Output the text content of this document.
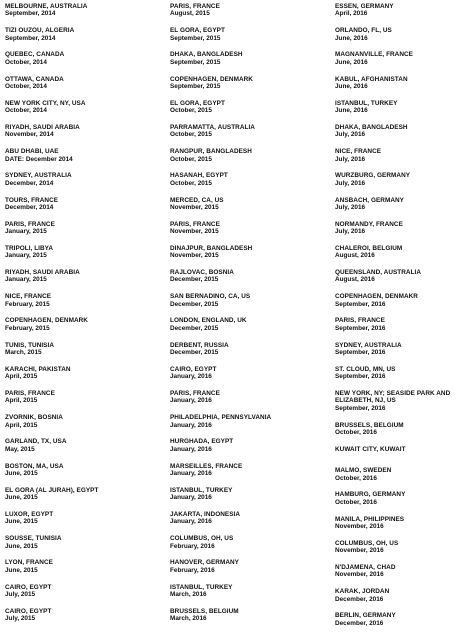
MELBOURNE, AUSTRALIA
September, 2014
TIZI OUZOU, ALGERIA
September, 2014
QUEBEC, CANADA
October, 2014
OTTAWA, CANADA
October, 2014
NEW YORK CITY, NY, USA
October, 2014
RIYADH, SAUDI ARABIA
November, 2014
ABU DHABI, UAE
DATE: December 2014
SYDNEY, AUSTRALIA
December, 2014
TOURS, FRANCE
December, 2014
PARIS, FRANCE
January, 2015
TRIPOLI, LIBYA
January, 2015
RIYADH, SAUDI ARABIA
January, 2015
NICE, FRANCE
February, 2015
COPENHAGEN, DENMARK
February, 2015
TUNIS, TUNISIA
March, 2015
KARACHI, PAKISTAN
April, 2015
PARIS, FRANCE
April, 2015
ZVORNIK, BOSNIA
April, 2015
GARLAND, TX, USA
May, 2015
BOSTON, MA, USA
June, 2015
EL GORA (AL JURAH), EGYPT
June, 2015
LUXOR, EGYPT
June, 2015
SOUSSE, TUNISIA
June, 2015
LYON, FRANCE
June, 2015
CAIRO, EGYPT
July, 2015
CAIRO, EGYPT
July, 2015
PARIS, FRANCE
August, 2015
EL GORA, EGYPT
September, 2015
DHAKA, BANGLADESH
September, 2015
COPENHAGEN, DENMARK
September, 2015
EL GORA, EGYPT
October, 2015
PARRAMATTA, AUSTRALIA
October, 2015
RANGPUR, BANGLADESH
October, 2015
HASANAH, EGYPT
October, 2015
MERCED, CA, US
November, 2015
PARIS, FRANCE
November, 2015
DINAJPUR, BANGLADESH
November, 2015
RAJLOVAC, BOSNIA
December, 2015
SAN BERNADINO, CA, US
December, 2015
LONDON, ENGLAND, UK
December, 2015
DERBENT, RUSSIA
December, 2015
CAIRO, EGYPT
January, 2016
PARIS, FRANCE
January, 2016
PHILADELPHIA, PENNSYLVANIA
January, 2016
HURGHADA, EGYPT
January, 2016
MARSEILLES, FRANCE
January, 2016
ISTANBUL, TURKEY
January, 2016
JAKARTA, INDONESIA
January, 2016
COLUMBUS, OH, US
February, 2016
HANOVER, GERMANY
February, 2016
ISTANBUL, TURKEY
March, 2016
BRUSSELS, BELGIUM
March, 2016
ESSEN, GERMANY
April, 2016
ORLANDO, FL, US
June, 2016
MAGNANVILLE, FRANCE
June, 2016
KABUL, AFGHANISTAN
June, 2016
ISTANBUL, TURKEY
June, 2016
DHAKA, BANGLADESH
July, 2016
NICE, FRANCE
July, 2016
WURZBURG, GERMANY
July, 2016
ANSBACH, GERMANY
July, 2016
NORMANDY, FRANCE
July, 2016
CHALEROI, BELGIUM
August, 2016
QUEENSLAND, AUSTRALIA
August, 2016
COPENHAGEN, DENMAKR
September, 2016
PARIS, FRANCE
September, 2016
SYDNEY, AUSTRALIA
September, 2016
ST. CLOUD, MN, US
September, 2016
NEW YORK, NY; SEASIDE PARK AND ELIZABETH, NJ, US
September, 2016
BRUSSELS, BELGIUM
October, 2016
KUWAIT CITY, KUWAIT
MALMO, SWEDEN
October, 2016
HAMBURG, GERMANY
October, 2016
MANILA, PHILIPPINES
November, 2016
COLUMBUS, OH, US
November, 2016
N'DJAMENA, CHAD
November, 2016
KARAK, JORDAN
December, 2016
BERLIN, GERMANY
December, 2016
